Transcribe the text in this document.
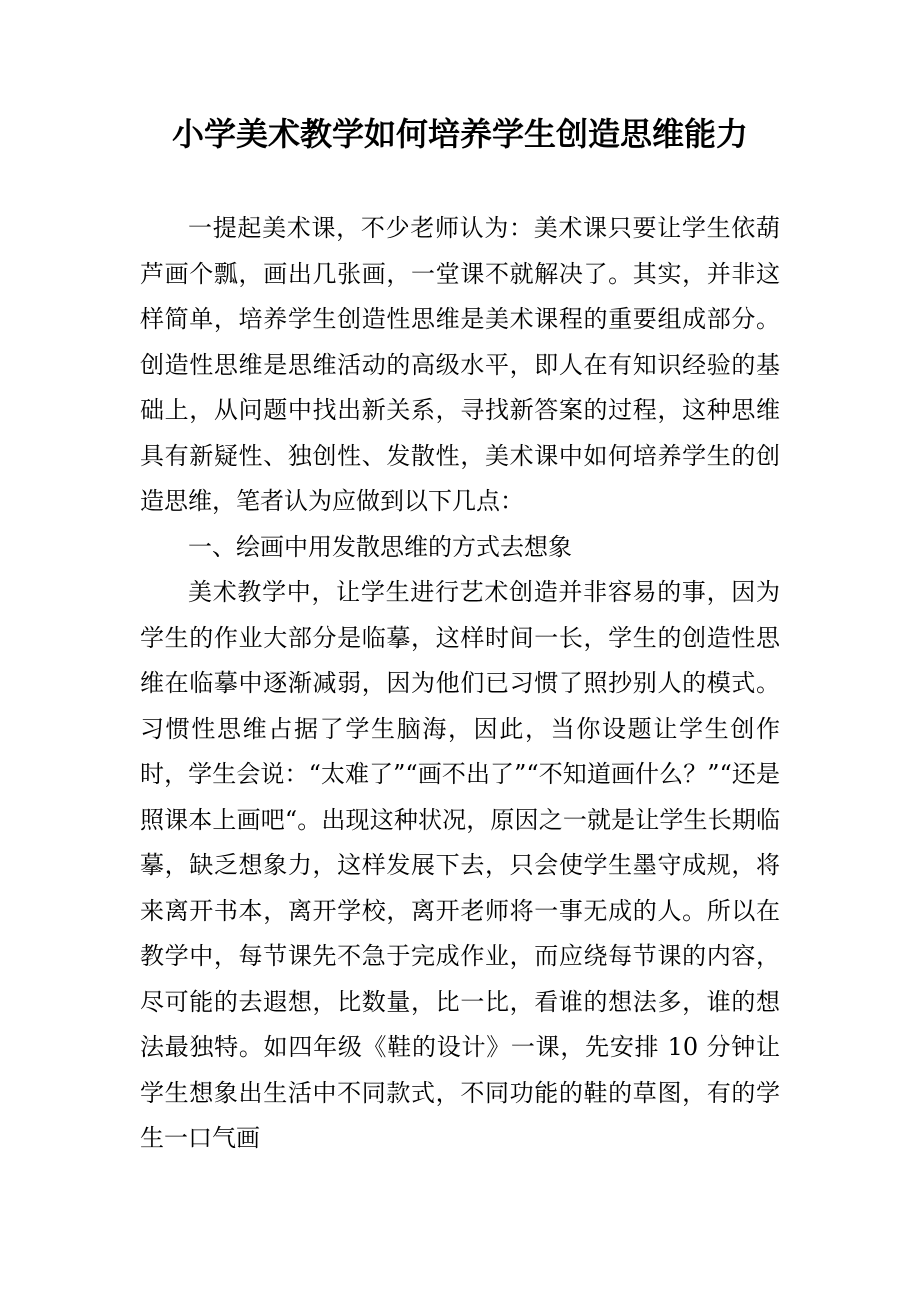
小学美术教学如何培养学生创造思维能力

一提起美术课，不少老师认为：美术课只要让学生依葫芦画个瓢，画出几张画，一堂课不就解决了。其实，并非这样简单，培养学生创造性思维是美术课程的重要组成部分。创造性思维是思维活动的高级水平，即人在有知识经验的基础上，从问题中找出新关系，寻找新答案的过程，这种思维具有新疑性、独创性、发散性，美术课中如何培养学生的创造思维，笔者认为应做到以下几点：

一、绘画中用发散思维的方式去想象

美术教学中，让学生进行艺术创造并非容易的事，因为学生的作业大部分是临摹，这样时间一长，学生的创造性思维在临摹中逐渐减弱，因为他们已习惯了照抄别人的模式。习惯性思维占据了学生脑海，因此，当你设题让学生创作时，学生会说：“太难了”“画不出了”“不知道画什么？”“还是照课本上画吧“。出现这种状况，原因之一就是让学生长期临摹，缺乏想象力，这样发展下去，只会使学生墨守成规，将来离开书本，离开学校，离开老师将一事无成的人。所以在教学中，每节课先不急于完成作业，而应绕每节课的内容，尽可能的去遐想，比数量，比一比，看谁的想法多，谁的想法最独特。如四年级《鞋的设计》一课，先安排 10 分钟让学生想象出生活中不同款式，不同功能的鞋的草图，有的学生一口气画
